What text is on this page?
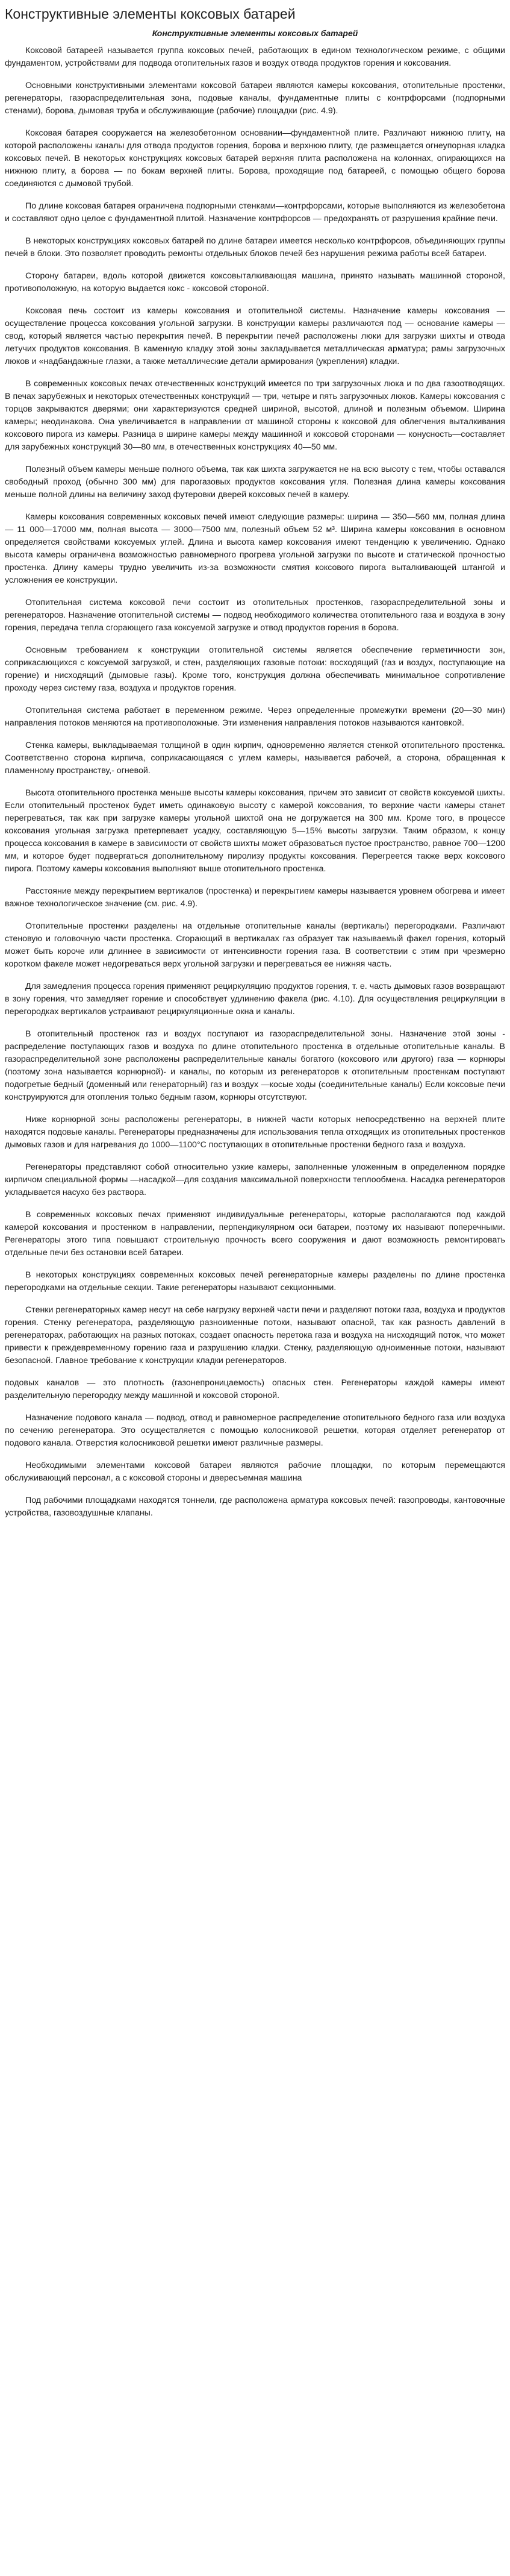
Конструктивные элементы коксовых батарей
Конструктивные элементы коксовых батарей

Коксовой батареей называется группа коксовых печей, работающих в едином технологическом режиме, с общими фундаментом, устройствами для подвода отопительных газов и воздух отвода продуктов горения и коксования.

Основными конструктивными элементами коксовой батареи являются камеры коксования, отопительные простенки, регенераторы, газораспределительная зона, подовые каналы, фундаментные плиты с контрфорсами (подпорными стенами), борова, дымовая труба и обслуживающие (рабочие) площадки (рис. 4.9).

Коксовая батарея сооружается на железобетонном основании—фундаментной плите. Различают нижнюю плиту, на которой расположены каналы для отвода продуктов горения, борова и верхнюю плиту, где размещается огнеупорная кладка коксовых печей. В некоторых конструкциях коксовых батарей верхняя плита расположена на колоннах, опирающихся на нижнюю плиту, а борова — по бокам верхней плиты. Борова, проходящие под батареей, с помощью общего борова соединяются с дымовой трубой.

По длине коксовая батарея ограничена подпорными стенками—контрфорсами, которые выполняются из железобетона и составляют одно целое с фундаментной плитой. Назначение контрфорсов — предохранять от разрушения крайние печи.

В некоторых конструкциях коксовых батарей по длине батареи имеется несколько контрфорсов, объединяющих группы печей в блоки. Это позволяет проводить ремонты отдельных блоков печей без нарушения режима работы всей батареи.

Сторону батареи, вдоль которой движется коксовыталкивающая машина, принято называть машинной стороной, противоположную, на которую выдается кокс - коксовой стороной.

Коксовая печь состоит из камеры коксования и отопительной системы. Назначение камеры коксования — осуществление процесса коксования угольной загрузки. В конструкции камеры различаются под — основание камеры — свод, который является частью перекрытия печей. В перекрытии печей расположены люки для загрузки шихты и отвода летучих продуктов коксования. В каменную кладку этой зоны закладывается металлическая арматура; рамы загрузочных люков и «надбандажные глазки, а также металлические детали армирования (укрепления) кладки.

В современных коксовых печах отечественных конструкций имеется по три загрузочных люка и по два газоотводящих. В печах зарубежных и некоторых отечественных конструкций — три, четыре и пять загрузочных люков. Камеры коксования с торцов закрываются дверями; они характеризуются средней шириной, высотой, длиной и полезным объемом. Ширина камеры; неодинакова. Она увеличивается в направлении от машиной стороны к коксовой для облегчения выталкивания коксового пирога из камеры. Разница в ширине камеры между машинной и коксовой сторонами — конусность—составляет для зарубежных конструкций 30—80 мм, в отечественных конструкциях 40—50 мм.

Полезный объем камеры меньше полного объема, так как шихта загружается не на всю высоту с тем, чтобы оставался свободный проход (обычно 300 мм) для парогазовых продуктов коксования угля. Полезная длина камеры коксования меньше полной длины на величину заход футеровки дверей коксовых печей в камеру.

Камеры коксования современных коксовых печей имеют следующие размеры: ширина — 350—560 мм, полная длина — 11 000—17000 мм, полная высота — 3000—7500 мм, полезный объем 52 м³. Ширина камеры коксования в основном определяется свойствами коксуемых углей. Длина и высота камер коксования имеют тенденцию к увеличению. Однако высота камеры ограничена возможностью равномерного прогрева угольной загрузки по высоте и статической прочностью простенка. Длину камеры трудно увеличить из-за возможности смятия коксового пирога выталкивающей штангой и усложнения ее конструкции.

Отопительная система коксовой печи состоит из отопительных простенков, газораспределительной зоны и регенераторов. Назначение отопительной системы — подвод необходимого количества отопительного газа и воздуха в зону горения, передача тепла сгорающего газа коксуемой загрузке и отвод продуктов горения в борова.

Основным требованием к конструкции отопительной системы является обеспечение герметичности зон, соприкасающихся с коксуемой загрузкой, и стен, разделяющих газовые потоки: восходящий (газ и воздух, поступающие на горение) и нисходящий (дымовые газы). Кроме того, конструкция должна обеспечивать минимальное сопротивление проходу через систему газа, воздуха и продуктов горения.

Отопительная система работает в переменном режиме. Через определенные промежутки времени (20—30 мин) направления потоков меняются на противоположные. Эти изменения направления потоков называются кантовкой.

Стенка камеры, выкладываемая толщиной в один кирпич, одновременно является стенкой отопительного простенка. Соответственно сторона кирпича, соприкасающаяся с углем камеры, называется рабочей, а сторона, обращенная к пламенному пространству,- огневой.

Высота отопительного простенка меньше высоты камеры коксования, причем это зависит от свойств коксуемой шихты. Если отопительный простенок будет иметь одинаковую высоту с камерой коксования, то верхние части камеры станет перегреваться, так как при загрузке камеры угольной шихтой она не догружается на 300 мм. Кроме того, в процессе коксования угольная загрузка претерпевает усадку, составляющую 5—15% высоты загрузки. Таким образом, к концу процесса коксования в камере в зависимости от свойств шихты может образоваться пустое пространство, равное 700—1200 мм, и которое будет подвергаться дополнительному пиролизу продукты коксования. Перегреется также верх коксового пирога. Поэтому камеры коксования выполняют выше отопительного простенка.

Расстояние между перекрытием вертикалов (простенка) и перекрытием камеры называется уровнем обогрева и имеет важное технологическое значение (см. рис. 4.9).

Отопительные простенки разделены на отдельные отопительные каналы (вертикалы) перегородками. Различают стеновую и головочную части простенка. Сгорающий в вертикалах газ образует так называемый факел горения, который может быть короче или длиннее в зависимости от интенсивности горения газа. В соответствии с этим при чрезмерно коротком факеле может недогреваться верх угольной загрузки и перегреваться ее нижняя часть.

Для замедления процесса горения применяют рециркуляцию продуктов горения, т. е. часть дымовых газов возвращают в зону горения, что замедляет горение и способствует удлинению факела (рис. 4.10). Для осуществления рециркуляции в перегородках вертикалов устраивают рециркуляционные окна и каналы.

В отопительный простенок газ и воздух поступают из газораспределительной зоны. Назначение этой зоны - распределение поступающих газов и воздуха по длине отопительного простенка в отдельные отопительные каналы. В газораспределительной зоне расположены распределительные каналы богатого (коксового или другого) газа — корнюры (поэтому зона называется корнюрной)- и каналы, по которым из регенераторов к отопительным простенкам поступают подогретые бедный (доменный или генераторный) газ и воздух —косые ходы (соединительные каналы) Если коксовые печи конструируются для отопления только бедным газом, корнюры отсутствуют.

Ниже корнюрной зоны расположены регенераторы, в нижней части которых непосредственно на верхней плите находятся подовые каналы. Регенераторы предназначены для использования тепла отходящих из отопительных простенков дымовых газов и для нагревания до 1000—1100°С поступающих в отопительные простенки бедного газа и воздуха.

Регенераторы представляют собой относительно узкие камеры, заполненные уложенным в определенном порядке кирпичом специальной формы —насадкой—для создания максимальной поверхности теплообмена. Насадка регенераторов укладывается насухо без раствора.

В современных коксовых печах применяют индивидуальные регенераторы, которые располагаются под каждой камерой коксования и простенком в направлении, перпендикулярном оси батареи, поэтому их называют поперечными. Регенераторы этого типа повышают строительную прочность всего сооружения и дают возможность ремонтировать отдельные печи без остановки всей батареи.

В некоторых конструкциях современных коксовых печей регенераторные камеры разделены по длине простенка перегородками на отдельные секции. Такие регенераторы называют секционными.

Стенки регенераторных камер несут на себе нагрузку верхней части печи и разделяют потоки газа, воздуха и продуктов горения. Стенку регенератора, разделяющую разноименные потоки, называют опасной, так как разность давлений в регенераторах, работающих на разных потоках, создает опасность перетока газа и воздуха на нисходящий поток, что может привести к преждевременному горению газа и разрушению кладки. Стенку, разделяющую одноименные потоки, называют безопасной. Главное требование к конструкции кладки регенераторов.

подовых каналов — это плотность (газонепроницаемость) опасных стен. Регенераторы каждой камеры имеют разделительную перегородку между машинной и коксовой стороной.

Назначение подового канала — подвод, отвод и равномерное распределение отопительного бедного газа или воздуха по сечению регенератора. Это осуществляется с помощью колосниковой решетки, которая отделяет регенератор от подового канала. Отверстия колосниковой решетки имеют различные размеры.

Необходимыми элементами коксовой батареи являются рабочие площадки, по которым перемещаются обслуживающий персонал, а с коксовой стороны и двересъемная машина

Под рабочими площадками находятся тоннели, где расположена арматура коксовых печей: газопроводы, кантовочные устройства, газовоздушные клапаны.
